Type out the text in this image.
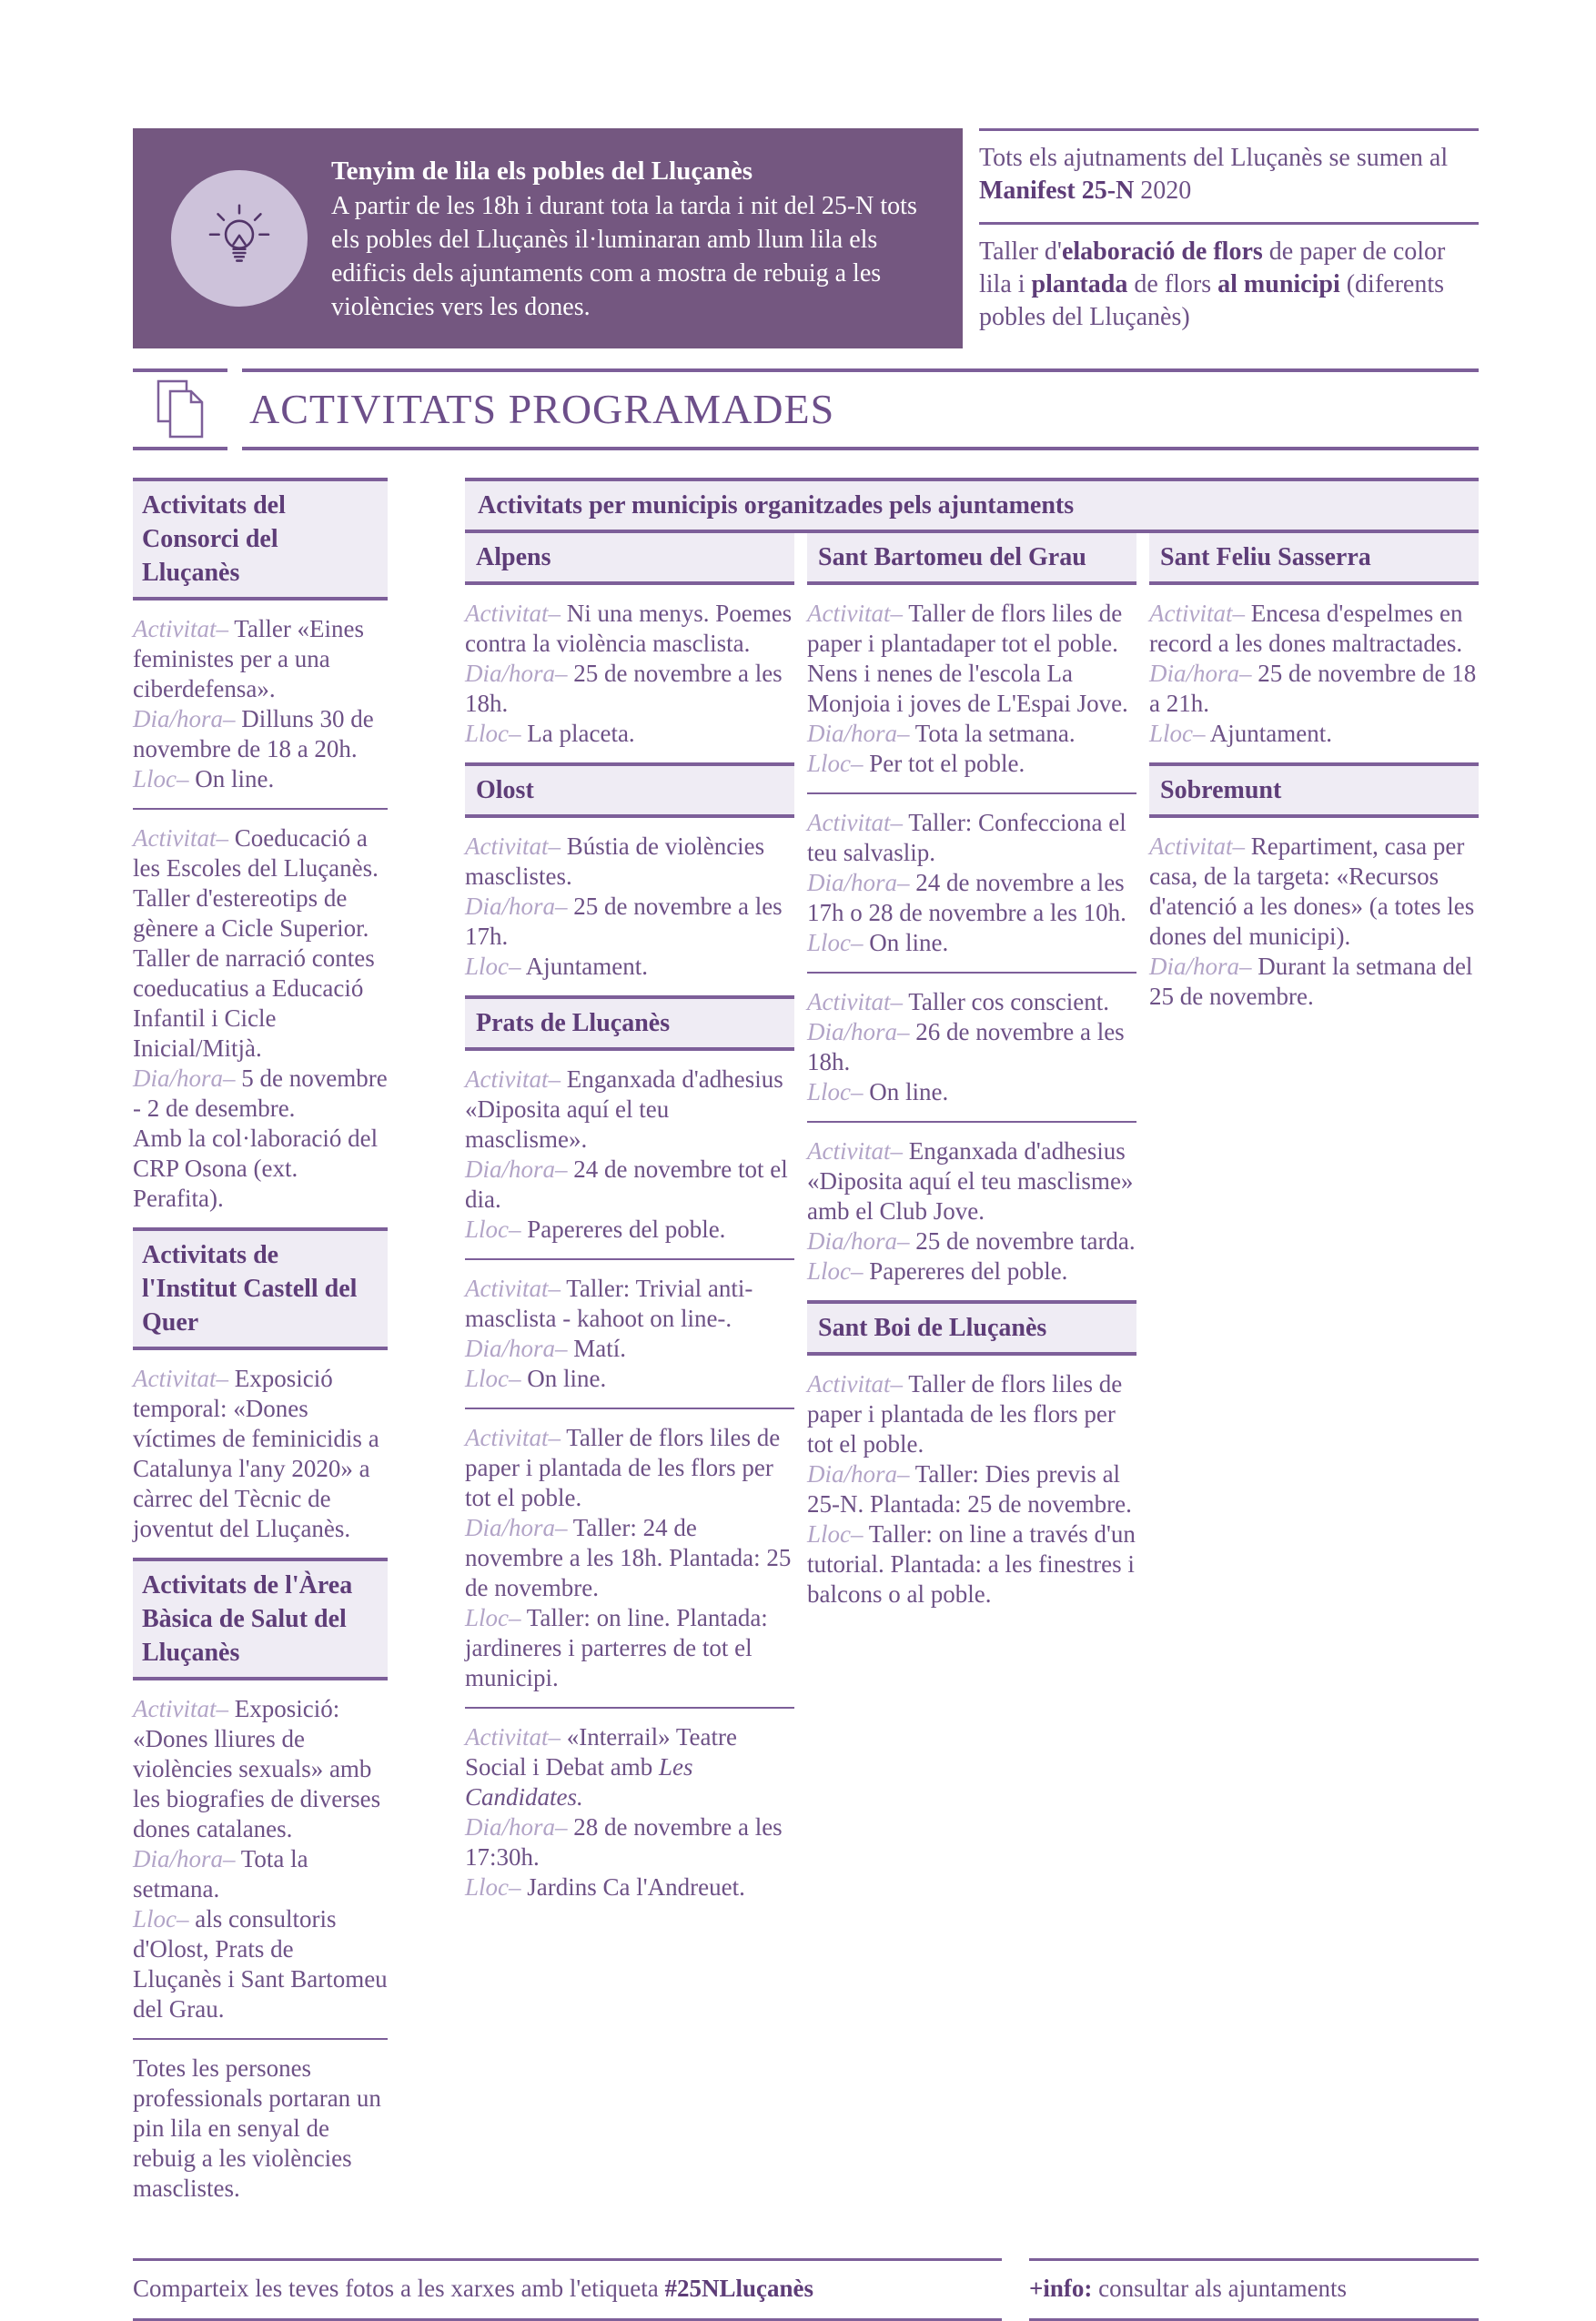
Tenyim de lila els pobles del Lluçanès
A partir de les 18h i durant tota la tarda i nit del 25-N tots els pobles del Lluçanès il·luminaran amb llum lila els edificis dels ajuntaments com a mostra de rebuig a les violències vers les dones.
Tots els ajutnaments del Lluçanès se sumen al Manifest 25-N 2020
Taller d'elaboració de flors de paper de color lila i plantada de flors al municipi (diferents pobles del Lluçanès)
ACTIVITATS PROGRAMADES
Activitats del Consorci del Lluçanès

Activitat– Taller «Eines feministes per a una ciberdefensa».

Dia/hora– Dilluns 30 de novembre de 18 a 20h.

Lloc– On line.

Activitat– Coeducació a les Escoles del Lluçanès. Taller d'estereotips de gènere a Cicle Superior. Taller de narració contes coeducatius a Educació Infantil i Cicle Inicial/Mitjà.

Dia/hora– 5 de novembre - 2 de desembre.

Amb la col·laboració del CRP Osona (ext. Perafita).

Activitats de l'Institut Castell del Quer

Activitat– Exposició temporal: «Dones víctimes de feminicidis a Catalunya l'any 2020» a càrrec del Tècnic de joventut del Lluçanès.

Activitats de l'Àrea Bàsica de Salut del Lluçanès

Activitat– Exposició: «Dones lliures de violències sexuals» amb les biografies de diverses dones catalanes.

Dia/hora– Tota la setmana.

Lloc– als consultoris d'Olost, Prats de Lluçanès i Sant Bartomeu del Grau.

Totes les persones professionals portaran un pin lila en senyal de rebuig a les violències masclistes.

Activitats per municipis organitzades pels ajuntaments
Alpens

Activitat– Ni una menys. Poemes contra la violència masclista.

Dia/hora– 25 de novembre a les 18h.

Lloc– La placeta.

Olost

Activitat– Bústia de violències masclistes.

Dia/hora– 25 de novembre a les 17h.

Lloc– Ajuntament.

Prats de Lluçanès

Activitat– Enganxada d'adhesius «Diposita aquí el teu masclisme».

Dia/hora– 24 de novembre tot el dia.

Lloc– Papereres del poble.

Activitat– Taller: Trivial anti-masclista - kahoot on line-.

Dia/hora– Matí.

Lloc– On line.

Activitat– Taller de flors liles de paper i plantada de les flors per tot el poble.

Dia/hora– Taller: 24 de novembre a les 18h. Plantada: 25 de novembre.

Lloc– Taller: on line. Plantada: jardineres i parterres de tot el municipi.

Activitat– «Interrail» Teatre Social i Debat amb Les Candidates.

Dia/hora– 28 de novembre a les 17:30h.

Lloc– Jardins Ca l'Andreuet.

Sant Bartomeu del Grau

Activitat– Taller de flors liles de paper i plantadaper tot el poble. Nens i nenes de l'escola La Monjoia i joves de L'Espai Jove.

Dia/hora– Tota la setmana.

Lloc– Per tot el poble.

Activitat– Taller: Confecciona el teu salvaslip.

Dia/hora– 24 de novembre a les 17h o 28 de novembre a les 10h.

Lloc– On line.

Activitat– Taller cos conscient.

Dia/hora– 26 de novembre a les 18h.

Lloc– On line.

Activitat– Enganxada d'adhesius «Diposita aquí el teu masclisme» amb el Club Jove.

Dia/hora– 25 de novembre tarda.

Lloc– Papereres del poble.

Sant Boi de Lluçanès

Activitat– Taller de flors liles de paper i plantada de les flors per tot el poble.

Dia/hora– Taller: Dies previs al 25-N. Plantada: 25 de novembre.

Lloc– Taller: on line a través d'un tutorial. Plantada: a les finestres i balcons o al poble.

Sant Feliu Sasserra

Activitat– Encesa d'espelmes en record a les dones maltractades.

Dia/hora– 25 de novembre de 18 a 21h.

Lloc– Ajuntament.

Sobremunt

Activitat– Repartiment, casa per casa, de la targeta: «Recursos d'atenció a les dones» (a totes les dones del municipi).

Dia/hora– Durant la setmana del 25 de novembre.

Comparteix les teves fotos a les xarxes amb l'etiqueta #25NLluçanès	+info: consultar als ajuntaments
